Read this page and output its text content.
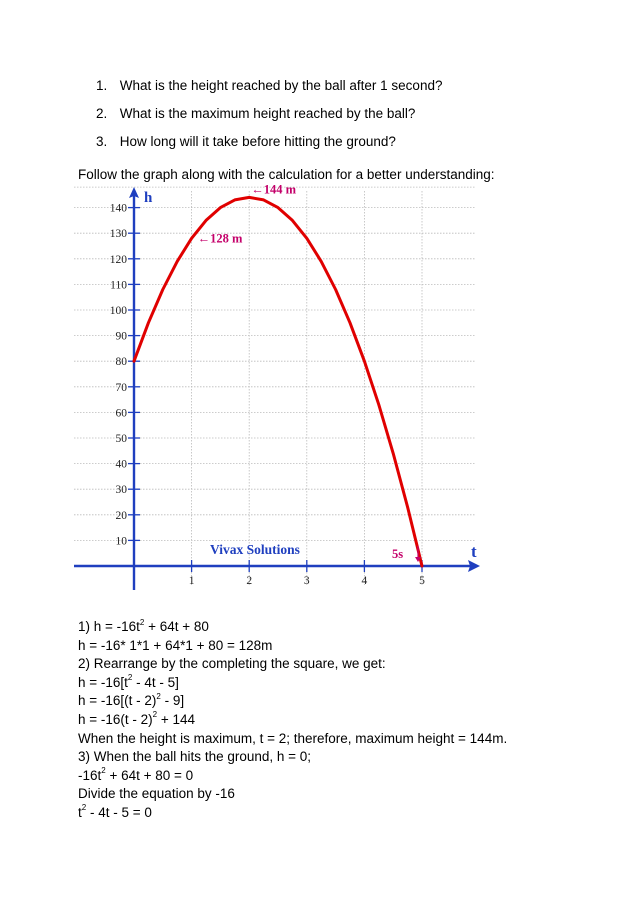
1. What is the height reached by the ball after 1 second?
2. What is the maximum height reached by the ball?
3. How long will it take before hitting the ground?
Follow the graph along with the calculation for a better understanding:
10
20
30
40
50
60
70
80
90
100
110
120
130
140
1	2	3	4	5
←144 m
←128 m
5s
Vivax Solutions	t
h
1) $h = -16t^2 + 64t + 80$
h = -16* 1*1 + 64*1 + 80 = 128m
2) Rearrange by the completing the square, we get:
$h = -16[t^2 - 4t - 5]$
h = -16[(t - 2)$^2$ - 9]
h = -16(t - 2)$^2$ + 144
When the height is maximum, t = 2; therefore, maximum height = 144m.
3) When the ball hits the ground, h = 0;
$-16t^2 + 64t + 80 = 0$
Divide the equation by -16
$t^2 - 4t - 5 = 0$
